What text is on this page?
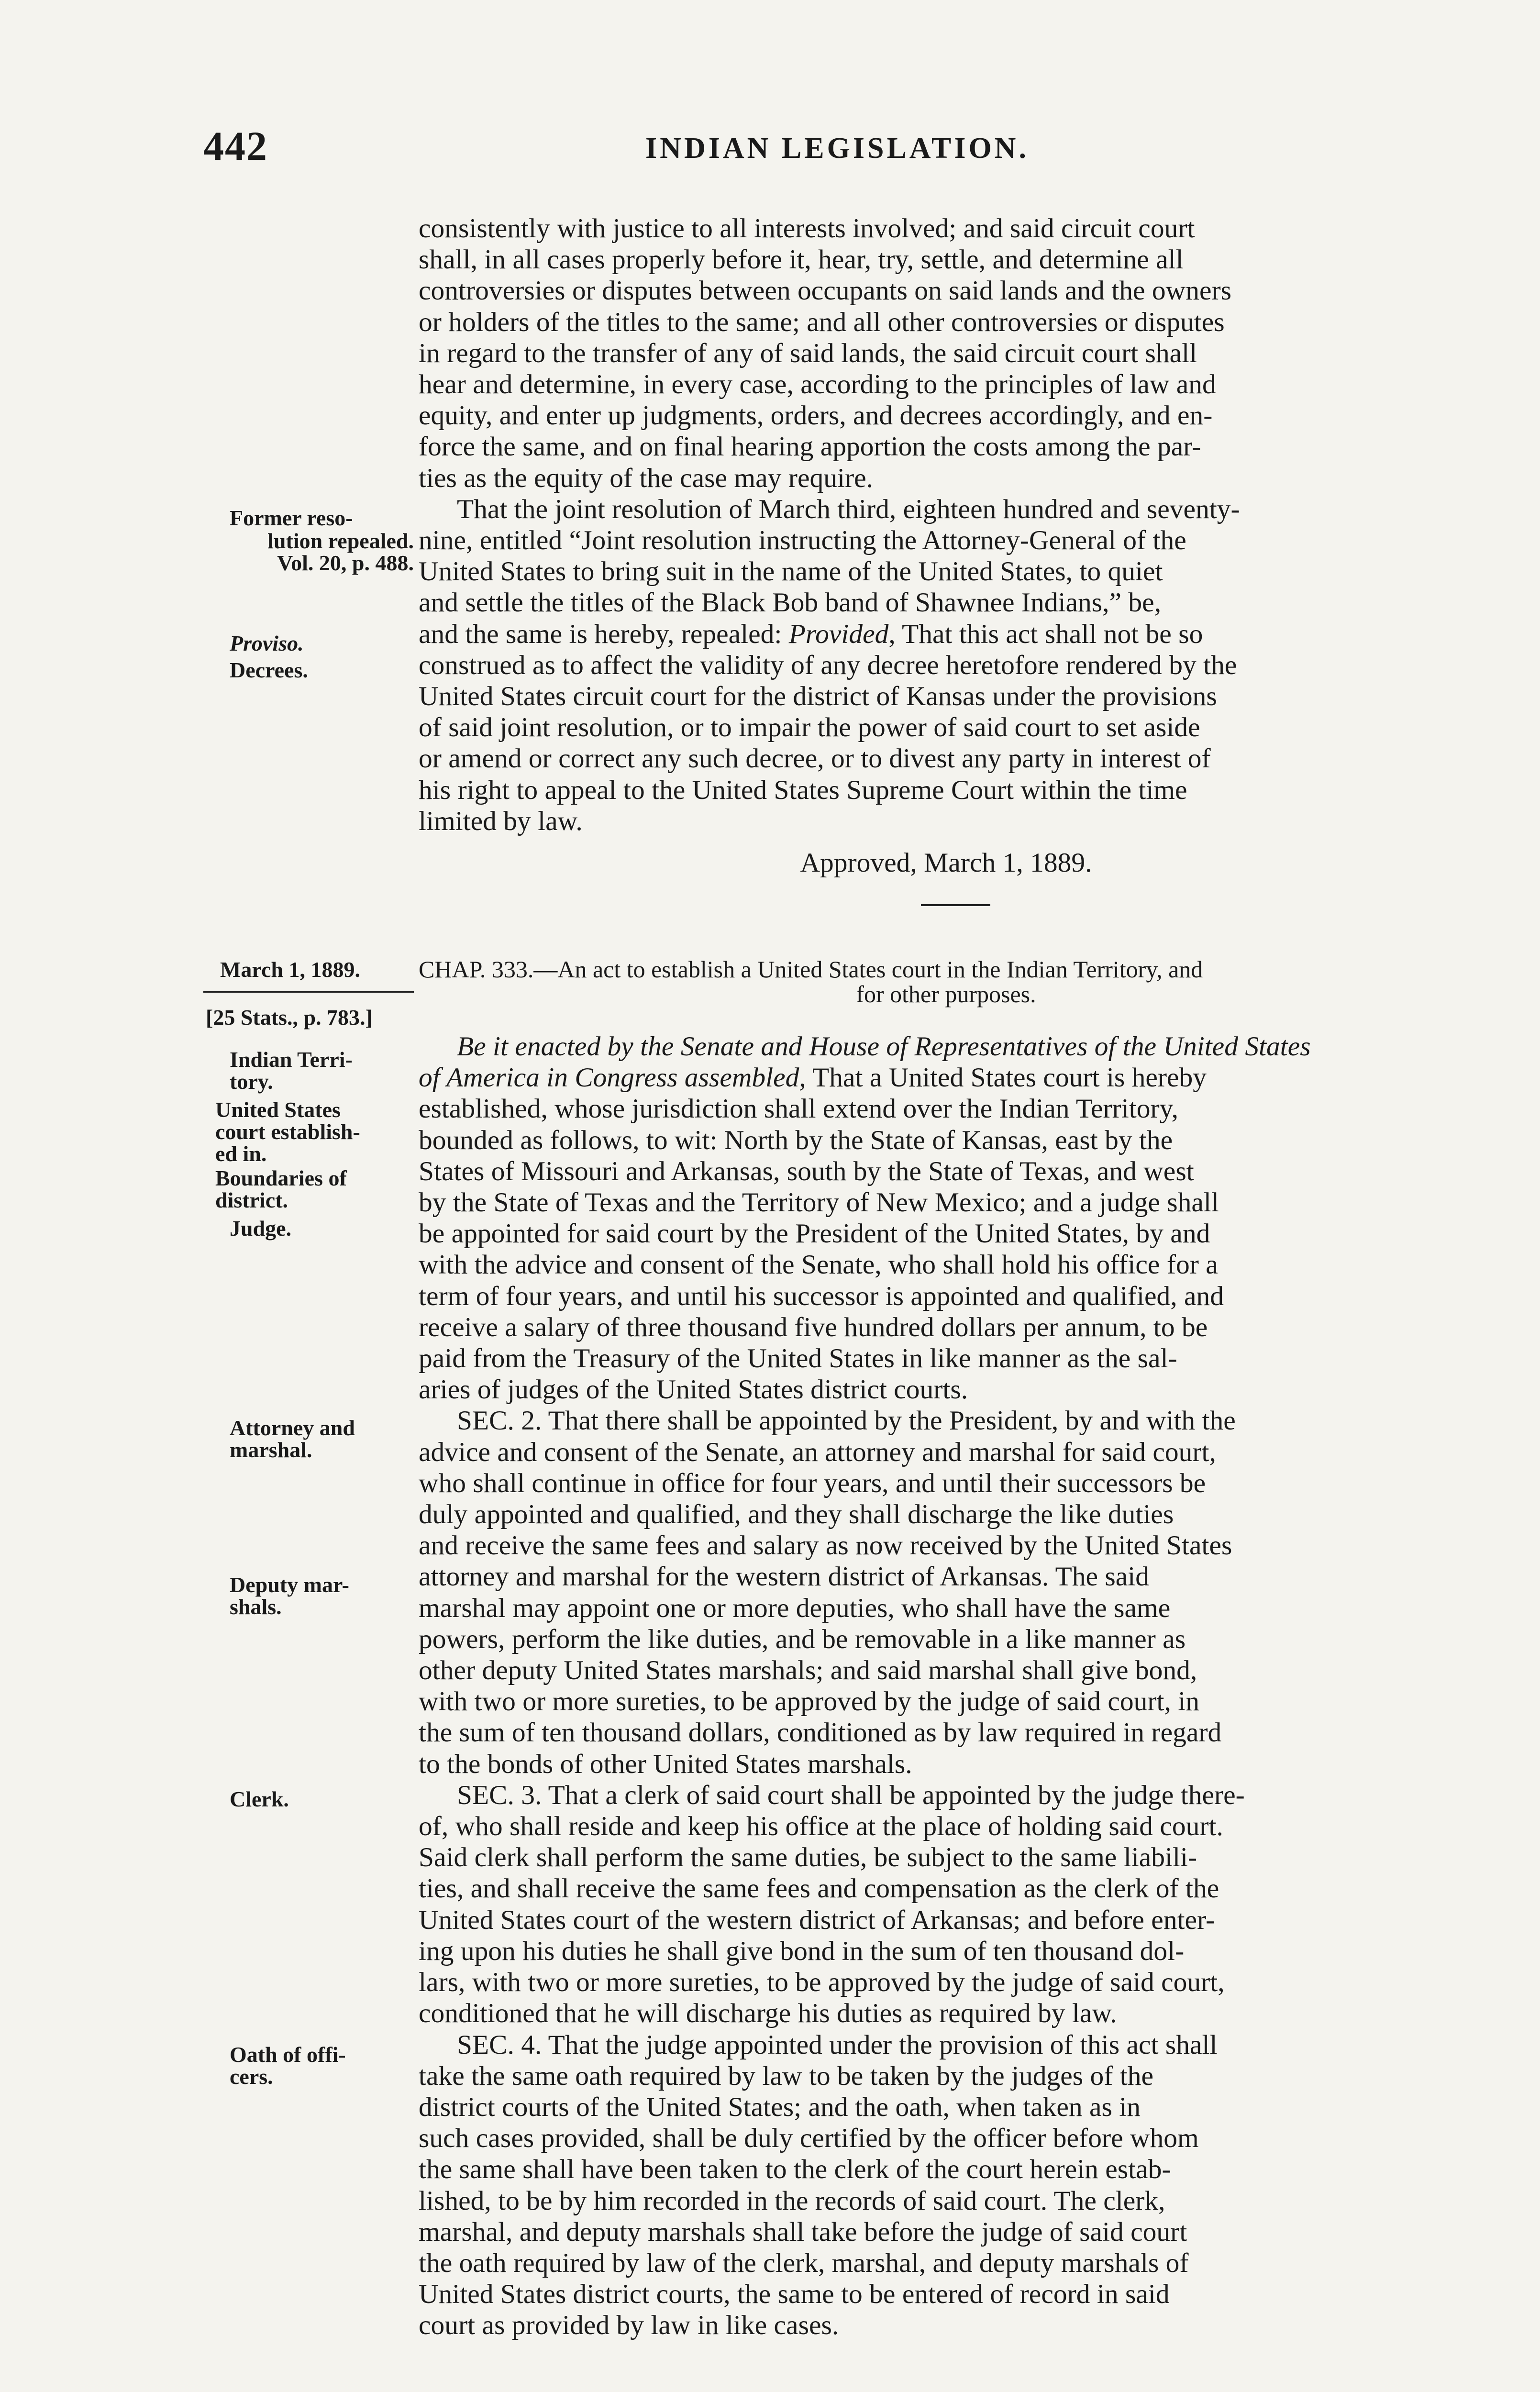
442	INDIAN LEGISLATION.

consistently with justice to all interests involved; and said circuit court

shall, in all cases properly before it, hear, try, settle, and determine all

controversies or disputes between occupants on said lands and the owners

or holders of the titles to the same; and all other controversies or disputes

in regard to the transfer of any of said lands, the said circuit court shall

hear and determine, in every case, according to the principles of law and

equity, and enter up judgments, orders, and decrees accordingly, and en-

force the same, and on final hearing apportion the costs among the par-

ties as the equity of the case may require.

That the joint resolution of March third, eighteen hundred and seventy-

nine, entitled “Joint resolution instructing the Attorney-General of the

United States to bring suit in the name of the United States, to quiet

and settle the titles of the Black Bob band of Shawnee Indians,” be,

and the same is hereby, repealed: Provided, That this act shall not be so

construed as to affect the validity of any decree heretofore rendered by the

United States circuit court for the district of Kansas under the provisions

of said joint resolution, or to impair the power of said court to set aside

or amend or correct any such decree, or to divest any party in interest of

his right to appeal to the United States Supreme Court within the time

limited by law.

Approved, March 1, 1889.

Former reso-
lution repealed.
Vol. 20, p. 488.
Proviso.
Decrees.
March 1, 1889.
[25 Stats., p. 783.]
CHAP. 333.—An act to establish a United States court in the Indian Territory, and
for other purposes.

Be it enacted by the Senate and House of Representatives of the United States

of America in Congress assembled, That a United States court is hereby

established, whose jurisdiction shall extend over the Indian Territory,

bounded as follows, to wit: North by the State of Kansas, east by the

States of Missouri and Arkansas, south by the State of Texas, and west

by the State of Texas and the Territory of New Mexico; and a judge shall

be appointed for said court by the President of the United States, by and

with the advice and consent of the Senate, who shall hold his office for a

term of four years, and until his successor is appointed and qualified, and

receive a salary of three thousand five hundred dollars per annum, to be

paid from the Treasury of the United States in like manner as the sal-

aries of judges of the United States district courts.

SEC. 2. That there shall be appointed by the President, by and with the

advice and consent of the Senate, an attorney and marshal for said court,

who shall continue in office for four years, and until their successors be

duly appointed and qualified, and they shall discharge the like duties

and receive the same fees and salary as now received by the United States

attorney and marshal for the western district of Arkansas. The said

marshal may appoint one or more deputies, who shall have the same

powers, perform the like duties, and be removable in a like manner as

other deputy United States marshals; and said marshal shall give bond,

with two or more sureties, to be approved by the judge of said court, in

the sum of ten thousand dollars, conditioned as by law required in regard

to the bonds of other United States marshals.

SEC. 3. That a clerk of said court shall be appointed by the judge there-

of, who shall reside and keep his office at the place of holding said court.

Said clerk shall perform the same duties, be subject to the same liabili-

ties, and shall receive the same fees and compensation as the clerk of the

United States court of the western district of Arkansas; and before enter-

ing upon his duties he shall give bond in the sum of ten thousand dol-

lars, with two or more sureties, to be approved by the judge of said court,

conditioned that he will discharge his duties as required by law.

SEC. 4. That the judge appointed under the provision of this act shall

take the same oath required by law to be taken by the judges of the

district courts of the United States; and the oath, when taken as in

such cases provided, shall be duly certified by the officer before whom

the same shall have been taken to the clerk of the court herein estab-

lished, to be by him recorded in the records of said court. The clerk,

marshal, and deputy marshals shall take before the judge of said court

the oath required by law of the clerk, marshal, and deputy marshals of

United States district courts, the same to be entered of record in said

court as provided by law in like cases.

Indian Terri-
tory.
United States
court establish-
ed in.
Boundaries of
district.
Judge.
Attorney and
marshal.
Deputy mar-
shals.
Clerk.
Oath of offi-
cers.
